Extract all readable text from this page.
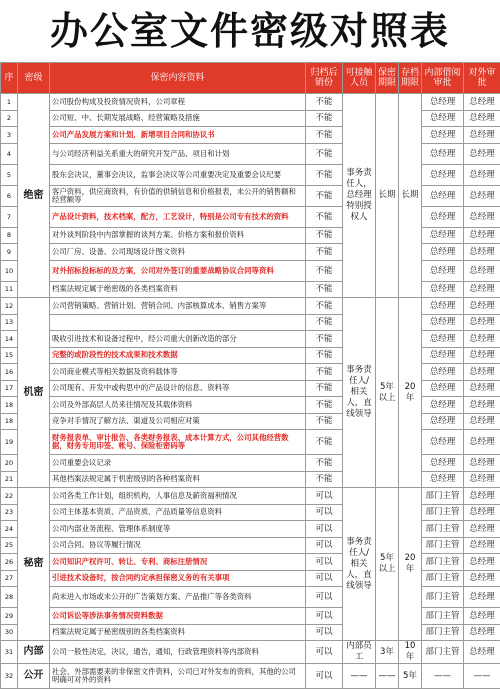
办公室文件密级对照表
序	密级	保密内容资料	归档后销份	可接触人员	保密期限	存档期限	内部借阅审批	对外审批
1	绝密	公司股份构成及投资情况资料，公司章程	不能	事务责任人，总经理特别授权人	长期	长期	总经理	总经理
2		公司短、中、长期发展战略、经营策略及措施	不能				总经理	总经理
3		公司产品发展方案和计划，新增项目合同和协议书	不能				总经理	总经理
4		与公司经济利益关系重大的研究开发产品、项目和计划	不能				总经理	总经理
5		股东会决议，董事会决议，监事会决议等公司重要决定及重要会议纪要	不能				总经理	总经理
6		客户资料，供应商资料，有价值的供销信息和价格报表，未公开的销售额和经营额等	不能				总经理	总经理
7		产品设计资料，技术档案，配方，工艺设计，特别是公司专有技术的资料	不能				总经理	总经理
8		对外谈判阶段中内部掌握的谈判方案、价格方案和报价资料	不能				总经理	总经理
9		公司厂房、设备、公司现场设计图文资料	不能				总经理	总经理
10		对外招标投标标的及方案，公司对外签订的重要战略协议合同等资料	不能				总经理	总经理
11		档案法规定属于绝密级的各类档案资料	不能				总经理	总经理
12	机密	公司营销策略、营销计划、营销合同、内部核算成本、销售方案等	不能	事务责任人/相关人，直线领导	5年以上	20年	总经理	总经理
13			不能				总经理	总经理
14		吸收引进技术和设备过程中，经公司重大创新改造的部分	不能				总经理	总经理
15		完整的或阶段性的技术成果和技术数据	不能				总经理	总经理
16		公司商业模式等相关数据及资料载体等	不能				总经理	总经理
17		公司现有、开发中或构思中的产品设计的信息、资料等	不能				总经理	总经理
18		公司及外部高层人员来往情况及其载体资料	不能				总经理	总经理
18		竞争对手情况了解方法、渠道及公司相应对策	不能				总经理	总经理
19		财务报表单、审计报告、各类财务报表、成本计算方式，公司其他经营数据，财务专用印签、帐号、保险柜密码等	不能				总经理	总经理
20		公司重要会议记录	不能				总经理	总经理
21		其他档案法规定属于机密级别的各种档案资料	不能				总经理	总经理
22	秘密	公司各类工作计划，组织机构，人事信息及薪资福利情况	可以	事务责任人/相关人，直线领导	5年以上	20年	部门主管	总经理
23		公司主体基本资质、产品资质、产品质量等信息资料	可以				部门主管	总经理
24		公司内部业务流程、管理体系制度等	可以				部门主管	总经理
25		公司合同、协议等履行情况	可以				部门主管	总经理
26		公司知识产权许可、转让、专利、商标注册情况	可以				部门主管	总经理
27		引进技术设备时，按合同约定承担保密义务的有关事项	可以				部门主管	总经理
28		尚未进入市场或未公开的广告策划方案、产品推广等各类资料	可以				部门主管	总经理
29		公司诉讼等涉法事务情况资料数据	可以				部门主管	总经理
30		档案法规定属于秘密级别的各类档案资料	可以				部门主管	总经理
31	内部	公司一般性决定，决议，通告，通知，行政管理资料等内部资料	可以	内部员工	3年	10年	部门主管	总经理
32	公开	社会、外部需要来的非保密文件资料，公司已对外发布的资料，其他的公司明确可对外的资料	可以	——	——	5年	——	——
